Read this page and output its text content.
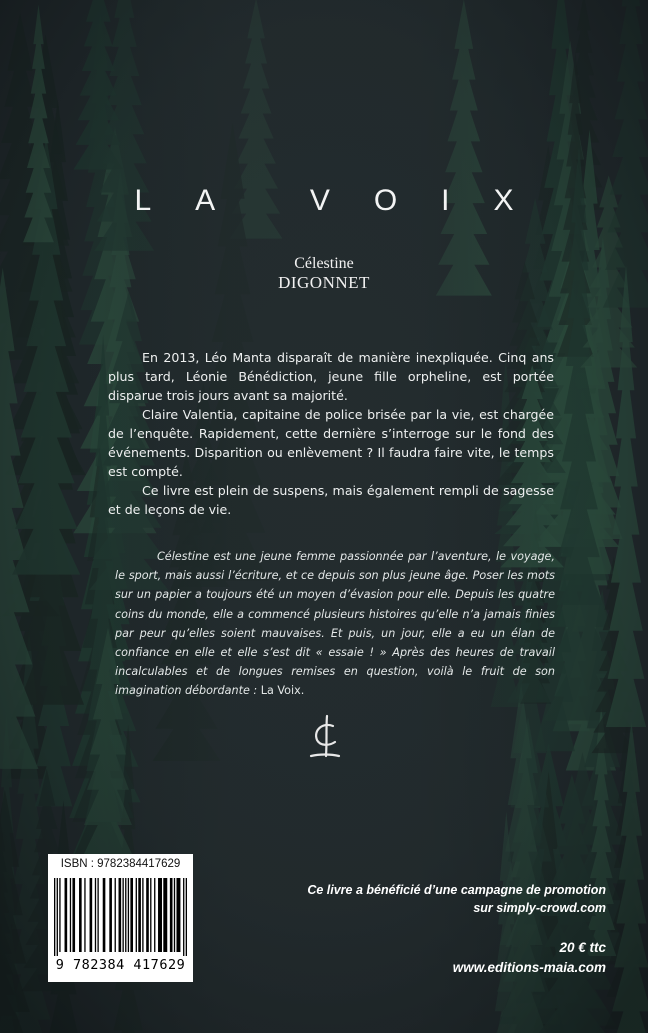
LA VOIX
Célestine
DIGONNET

En 2013, Léo Manta disparaît de manière inexpliquée. Cinq ans plus tard, Léonie Bénédiction, jeune fille orpheline, est portée disparue trois jours avant sa majorité.

Claire Valentia, capitaine de police brisée par la vie, est chargée de l’enquête. Rapidement, cette dernière s’interroge sur le fond des événements. Disparition ou enlèvement ? Il faudra faire vite, le temps est compté.

Ce livre est plein de suspens, mais également rempli de sagesse et de leçons de vie.

Célestine est une jeune femme passionnée par l’aventure, le voyage, le sport, mais aussi l’écriture, et ce depuis son plus jeune âge. Poser les mots sur un papier a toujours été un moyen d’évasion pour elle. Depuis les quatre coins du monde, elle a commencé plusieurs histoires qu’elle n’a jamais finies par peur qu’elles soient mauvaises. Et puis, un jour, elle a eu un élan de confiance en elle et elle s’est dit « essaie ! » Après des heures de travail incalculables et de longues remises en question, voilà le fruit de son imagination débordante : La Voix.
ISBN : 9782384417629
9 782384 417629
Ce livre a bénéficié d’une campagne de promotion
sur simply-crowd.com
20 € ttc
www.editions-maia.com
